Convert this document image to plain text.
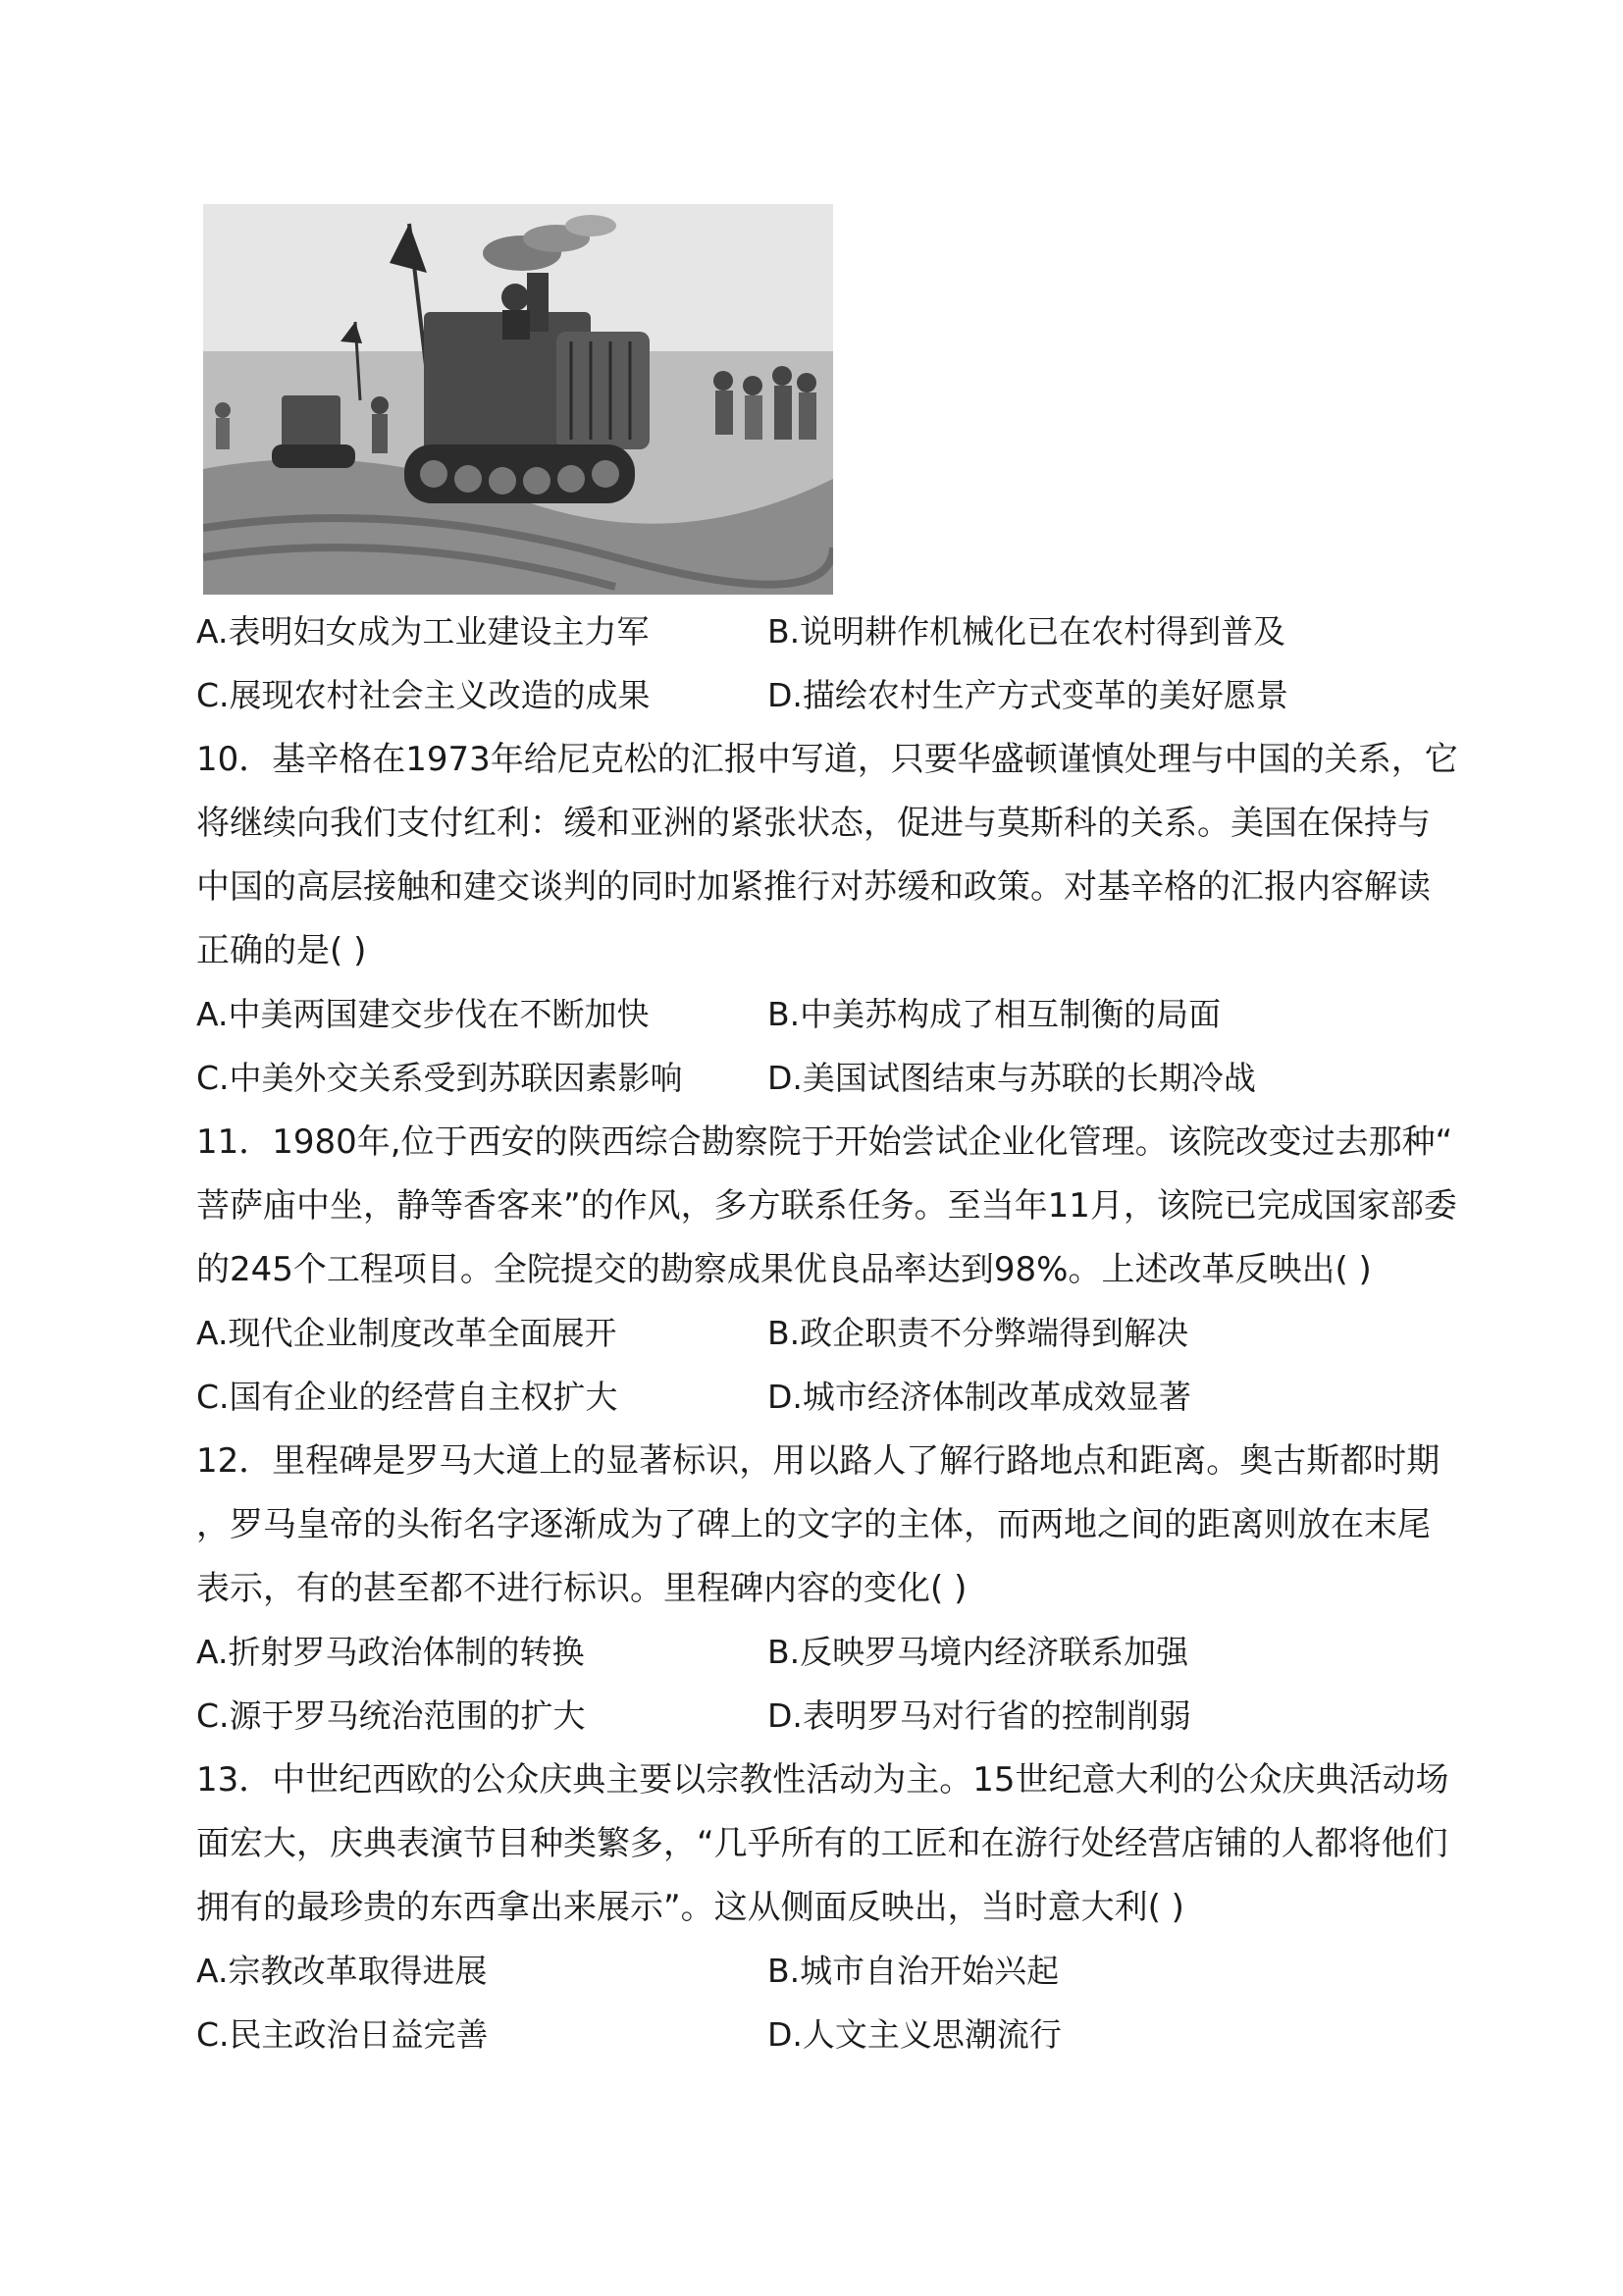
A.表明妇女成为工业建设主力军	B.说明耕作机械化已在农村得到普及
C.展现农村社会主义改造的成果	D.描绘农村生产方式变革的美好愿景
10．基辛格在1973年给尼克松的汇报中写道，只要华盛顿谨慎处理与中国的关系，它
将继续向我们支付红利：缓和亚洲的紧张状态，促进与莫斯科的关系。美国在保持与
中国的高层接触和建交谈判的同时加紧推行对苏缓和政策。对基辛格的汇报内容解读
正确的是( )
A.中美两国建交步伐在不断加快	B.中美苏构成了相互制衡的局面
C.中美外交关系受到苏联因素影响	D.美国试图结束与苏联的长期冷战
11．1980年,位于西安的陕西综合勘察院于开始尝试企业化管理。该院改变过去那种“
菩萨庙中坐，静等香客来”的作风，多方联系任务。至当年11月，该院已完成国家部委
的245个工程项目。全院提交的勘察成果优良品率达到98%。上述改革反映出( )
A.现代企业制度改革全面展开	B.政企职责不分弊端得到解决
C.国有企业的经营自主权扩大	D.城市经济体制改革成效显著
12．里程碑是罗马大道上的显著标识，用以路人了解行路地点和距离。奥古斯都时期
，罗马皇帝的头衔名字逐渐成为了碑上的文字的主体，而两地之间的距离则放在末尾
表示，有的甚至都不进行标识。里程碑内容的变化( )
A.折射罗马政治体制的转换	B.反映罗马境内经济联系加强
C.源于罗马统治范围的扩大	D.表明罗马对行省的控制削弱
13．中世纪西欧的公众庆典主要以宗教性活动为主。15世纪意大利的公众庆典活动场
面宏大，庆典表演节目种类繁多，“几乎所有的工匠和在游行处经营店铺的人都将他们
拥有的最珍贵的东西拿出来展示”。这从侧面反映出，当时意大利( )
A.宗教改革取得进展	B.城市自治开始兴起
C.民主政治日益完善	D.人文主义思潮流行
